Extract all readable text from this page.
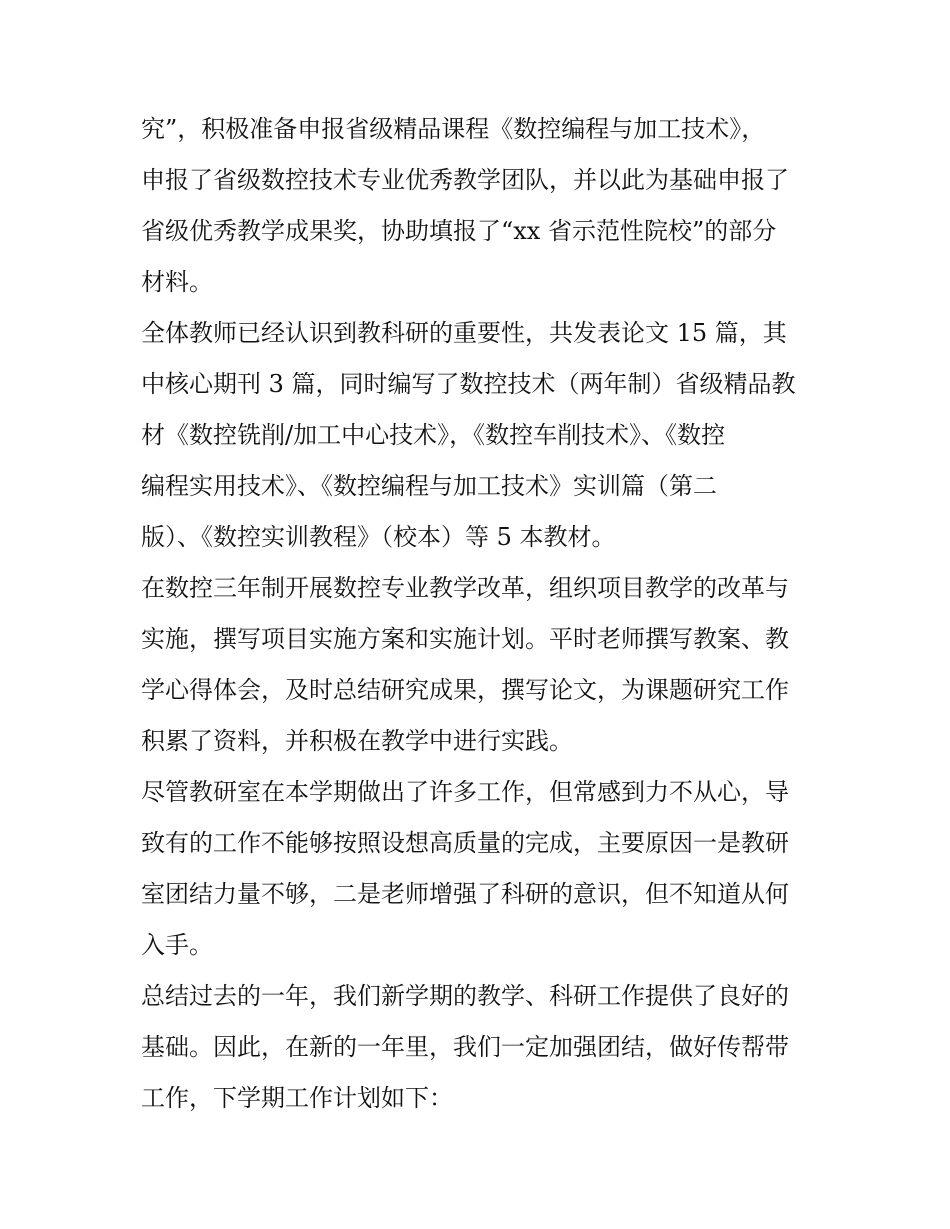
究”，积极准备申报省级精品课程《数控编程与加工技术》，
申报了省级数控技术专业优秀教学团队，并以此为基础申报了
省级优秀教学成果奖，协助填报了“xx 省示范性院校”的部分
材料。
全体教师已经认识到教科研的重要性，共发表论文 15 篇，其
中核心期刊 3 篇，同时编写了数控技术（两年制）省级精品教
材《数控铣削/加工中心技术》，《数控车削技术》、《数控
编程实用技术》、《数控编程与加工技术》实训篇（第二
版）、《数控实训教程》（校本）等 5 本教材。
在数控三年制开展数控专业教学改革，组织项目教学的改革与
实施，撰写项目实施方案和实施计划。平时老师撰写教案、教
学心得体会，及时总结研究成果，撰写论文，为课题研究工作
积累了资料，并积极在教学中进行实践。
尽管教研室在本学期做出了许多工作，但常感到力不从心，导
致有的工作不能够按照设想高质量的完成，主要原因一是教研
室团结力量不够，二是老师增强了科研的意识，但不知道从何
入手。
总结过去的一年，我们新学期的教学、科研工作提供了良好的
基础。因此，在新的一年里，我们一定加强团结，做好传帮带
工作，下学期工作计划如下：
